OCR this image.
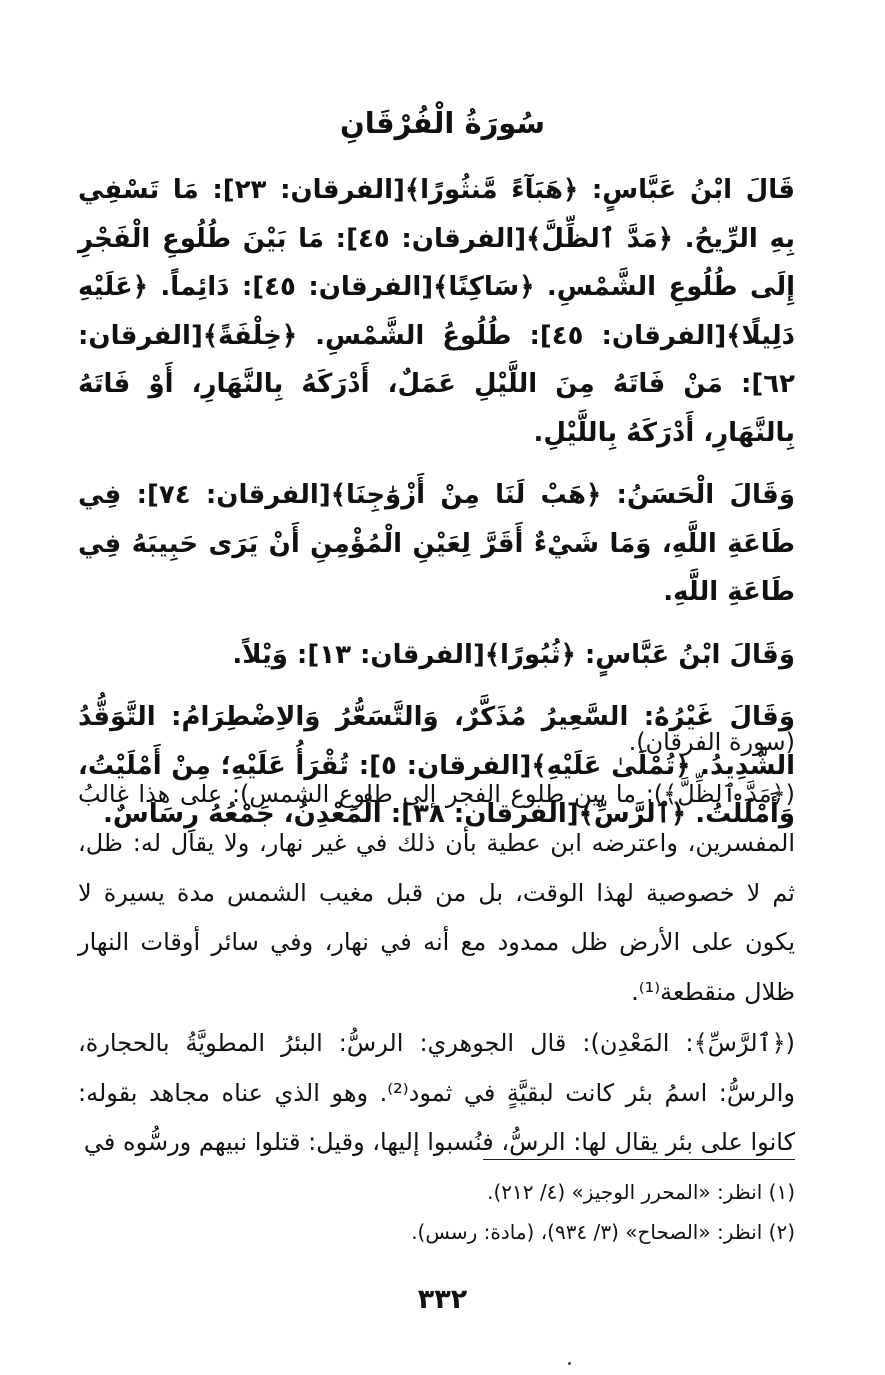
سُورَةُ الْفُرْقَانِ

قَالَ ابْنُ عَبَّاسٍ: ﴿هَبَآءً مَّنثُورًا﴾[الفرقان: ٢٣]: مَا تَسْفِي بِهِ الرِّيحُ. ﴿مَدَّ ٱلظِّلَّ﴾[الفرقان: ٤٥]: مَا بَيْنَ طُلُوعِ الْفَجْرِ إِلَى طُلُوعِ الشَّمْسِ. ﴿سَاكِنًا﴾[الفرقان: ٤٥]: دَائِماً. ﴿عَلَيْهِ دَلِيلًا﴾[الفرقان: ٤٥]: طُلُوعُ الشَّمْسِ. ﴿خِلْفَةً﴾[الفرقان: ٦٢]: مَنْ فَاتَهُ مِنَ اللَّيْلِ عَمَلٌ، أَدْرَكَهُ بِالنَّهَارِ، أَوْ فَاتَهُ بِالنَّهَارِ، أَدْرَكَهُ بِاللَّيْلِ.

وَقَالَ الْحَسَنُ: ﴿هَبْ لَنَا مِنْ أَزْوَٰجِنَا﴾[الفرقان: ٧٤]: فِي طَاعَةِ اللَّهِ، وَمَا شَيْءٌ أَقَرَّ لِعَيْنِ الْمُؤْمِنِ أَنْ يَرَى حَبِيبَهُ فِي طَاعَةِ اللَّهِ.

وَقَالَ ابْنُ عَبَّاسٍ: ﴿ثُبُورًا﴾[الفرقان: ١٣]: وَيْلاً.

وَقَالَ غَيْرُهُ: السَّعِيرُ مُذَكَّرٌ، وَالتَّسَعُّرُ وَالاِضْطِرَامُ: التَّوَقُّدُ الشَّدِيدُ. ﴿تُمْلَىٰ عَلَيْهِ﴾[الفرقان: ٥]: تُقْرَأُ عَلَيْهِ؛ مِنْ أَمْلَيْتُ، وَأَمْلَلْتُ. ﴿ٱلرَّسِّ﴾[الفرقان: ٣٨]: الْمَعْدِنُ، جَمْعُهُ رِسَاسٌ.

(سورة الفرقان).

(﴿مَدَّ ٱلظِّلَّ﴾): ما بين طلوع الفجر إلى طلوع الشمس): على هذا غالبُ المفسرين، واعترضه ابن عطية بأن ذلك في غير نهار، ولا يقال له: ظل، ثم لا خصوصية لهذا الوقت، بل من قبل مغيب الشمس مدة يسيرة لا يكون على الأرض ظل ممدود مع أنه في نهار، وفي سائر أوقات النهار ظلال منقطعة⁽¹⁾.

(﴿ٱلرَّسِّ﴾: المَعْدِن): قال الجوهري: الرسُّ: البئرُ المطويَّةُ بالحجارة، والرسُّ: اسمُ بئر كانت لبقيَّةٍ في ثمود⁽²⁾. وهو الذي عناه مجاهد بقوله: كانوا على بئر يقال لها: الرسُّ، فنُسبوا إليها، وقيل: قتلوا نبيهم ورسُّوه في

(١) انظر: «المحرر الوجيز» (٤/ ٢١٢).
(٢) انظر: «الصحاح» (٣/ ٩٣٤)، (مادة: رسس).
٣٣٢
